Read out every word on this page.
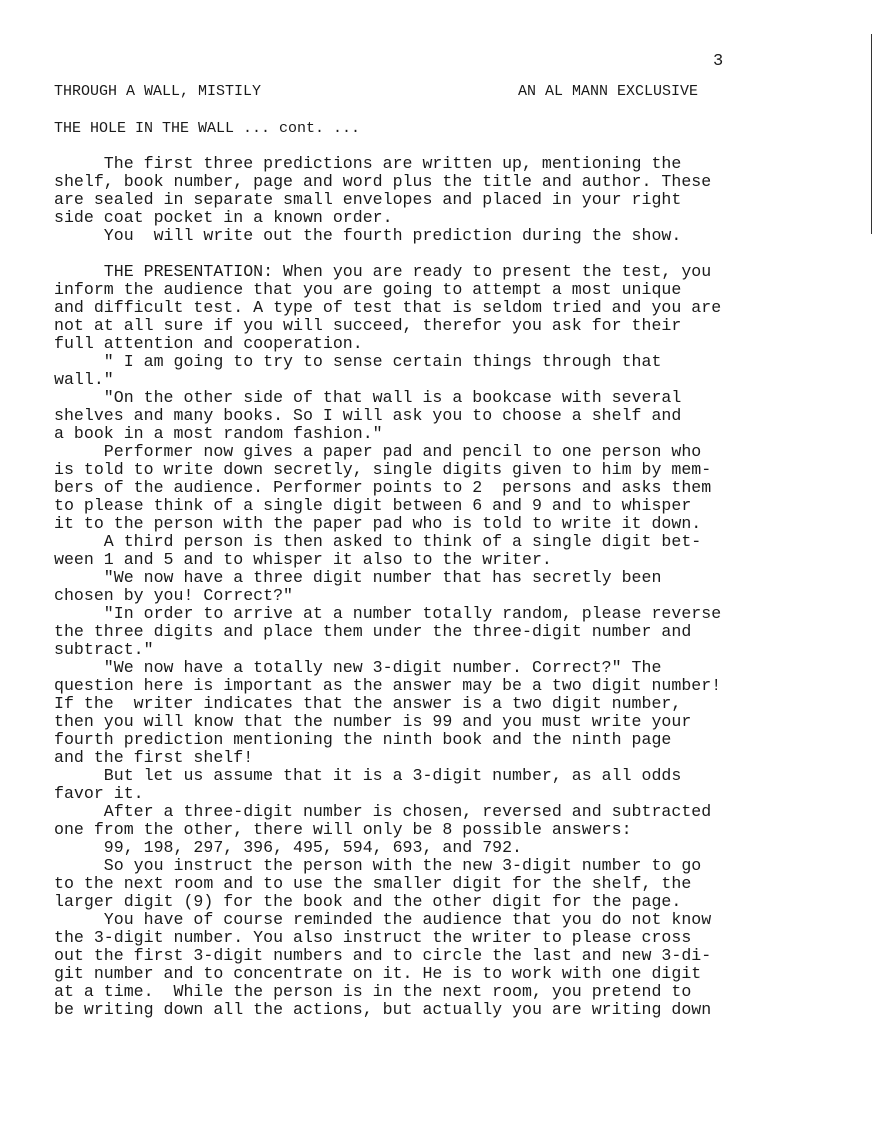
3
THROUGH A WALL, MISTILY	AN AL MANN EXCLUSIVE
THE HOLE IN THE WALL ... cont. ...
The first three predictions are written up, mentioning the
shelf, book number, page and word plus the title and author. These
are sealed in separate small envelopes and placed in your right
side coat pocket in a known order.
You  will write out the fourth prediction during the show.
THE PRESENTATION: When you are ready to present the test, you
inform the audience that you are going to attempt a most unique
and difficult test. A type of test that is seldom tried and you are
not at all sure if you will succeed, therefor you ask for their
full attention and cooperation.
" I am going to try to sense certain things through that
wall."
"On the other side of that wall is a bookcase with several
shelves and many books. So I will ask you to choose a shelf and
a book in a most random fashion."
Performer now gives a paper pad and pencil to one person who
is told to write down secretly, single digits given to him by mem-
bers of the audience. Performer points to 2  persons and asks them
to please think of a single digit between 6 and 9 and to whisper
it to the person with the paper pad who is told to write it down.
A third person is then asked to think of a single digit bet-
ween 1 and 5 and to whisper it also to the writer.
"We now have a three digit number that has secretly been
chosen by you! Correct?"
"In order to arrive at a number totally random, please reverse
the three digits and place them under the three-digit number and
subtract."
"We now have a totally new 3-digit number. Correct?" The
question here is important as the answer may be a two digit number!
If the  writer indicates that the answer is a two digit number,
then you will know that the number is 99 and you must write your
fourth prediction mentioning the ninth book and the ninth page
and the first shelf!
But let us assume that it is a 3-digit number, as all odds
favor it.
After a three-digit number is chosen, reversed and subtracted
one from the other, there will only be 8 possible answers:
99, 198, 297, 396, 495, 594, 693, and 792.
So you instruct the person with the new 3-digit number to go
to the next room and to use the smaller digit for the shelf, the
larger digit (9) for the book and the other digit for the page.
You have of course reminded the audience that you do not know
the 3-digit number. You also instruct the writer to please cross
out the first 3-digit numbers and to circle the last and new 3-di-
git number and to concentrate on it. He is to work with one digit
at a time.  While the person is in the next room, you pretend to
be writing down all the actions, but actually you are writing down
